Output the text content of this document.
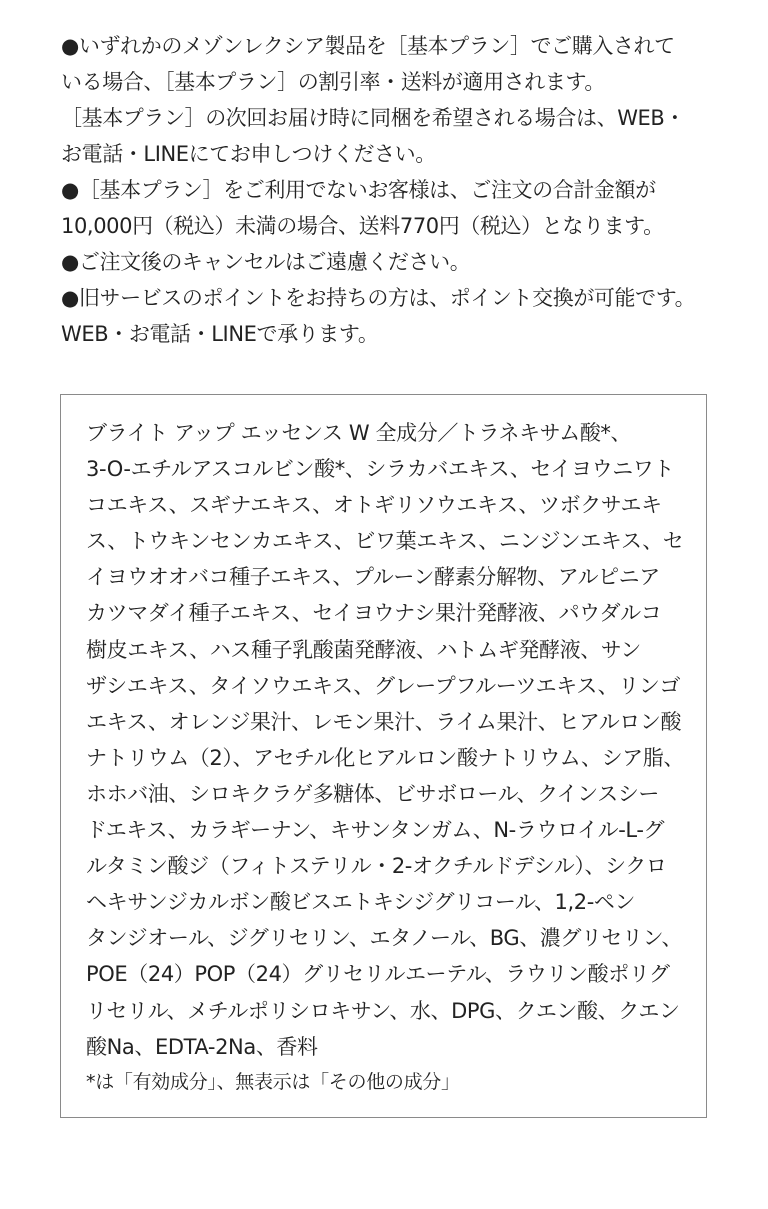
●いずれかのメゾンレクシア製品を［基本プラン］でご購入されて

いる場合、［基本プラン］の割引率・送料が適用されます。

［基本プラン］の次回お届け時に同梱を希望される場合は、WEB・

お電話・LINEにてお申しつけください。

●［基本プラン］をご利用でないお客様は、ご注文の合計金額が

10,000円（税込）未満の場合、送料770円（税込）となります。

●ご注文後のキャンセルはご遠慮ください。

●旧サービスのポイントをお持ちの方は、ポイント交換が可能です。

WEB・お電話・LINEで承ります。

ブライト アップ エッセンス W 全成分／トラネキサム酸*、

3-O-エチルアスコルビン酸*、シラカバエキス、セイヨウニワト

コエキス、スギナエキス、オトギリソウエキス、ツボクサエキ

ス、トウキンセンカエキス、ビワ葉エキス、ニンジンエキス、セ

イヨウオオバコ種子エキス、プルーン酵素分解物、アルピニア

カツマダイ種子エキス、セイヨウナシ果汁発酵液、パウダルコ

樹皮エキス、ハス種子乳酸菌発酵液、ハトムギ発酵液、サン

ザシエキス、タイソウエキス、グレープフルーツエキス、リンゴ

エキス、オレンジ果汁、レモン果汁、ライム果汁、ヒアルロン酸

ナトリウム（2）、アセチル化ヒアルロン酸ナトリウム、シア脂、

ホホバ油、シロキクラゲ多糖体、ビサボロール、クインスシー

ドエキス、カラギーナン、キサンタンガム、N-ラウロイル-L-グ

ルタミン酸ジ（フィトステリル・2-オクチルドデシル）、シクロ

ヘキサンジカルボン酸ビスエトキシジグリコール、1,2-ペン

タンジオール、ジグリセリン、エタノール、BG、濃グリセリン、

POE（24）POP（24）グリセリルエーテル、ラウリン酸ポリグ

リセリル、メチルポリシロキサン、水、DPG、クエン酸、クエン

酸Na、EDTA-2Na、香料

*は「有効成分」、無表示は「その他の成分」
